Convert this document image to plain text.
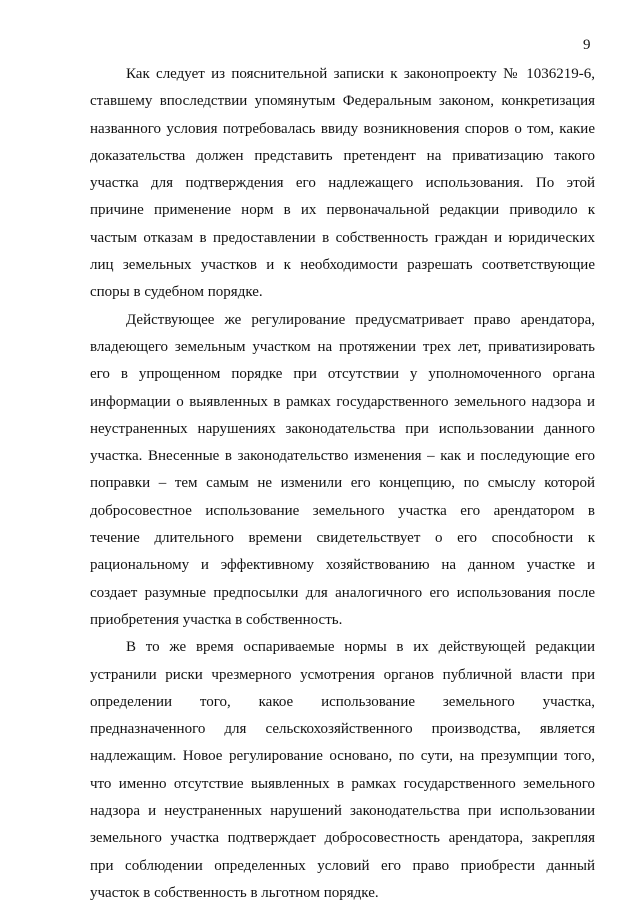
9
Как следует из пояснительной записки к законопроекту № 1036219-6,
ставшему впоследствии упомянутым Федеральным законом, конкретизация
названного условия потребовалась ввиду возникновения споров о том, какие
доказательства должен представить претендент на приватизацию такого
участка для подтверждения его надлежащего использования. По этой
причине применение норм в их первоначальной редакции приводило к
частым отказам в предоставлении в собственность граждан и юридических
лиц земельных участков и к необходимости разрешать соответствующие
споры в судебном порядке.
Действующее же регулирование предусматривает право арендатора,
владеющего земельным участком на протяжении трех лет, приватизировать
его в упрощенном порядке при отсутствии у уполномоченного органа
информации о выявленных в рамках государственного земельного надзора и
неустраненных нарушениях законодательства при использовании данного
участка. Внесенные в законодательство изменения – как и последующие его
поправки – тем самым не изменили его концепцию, по смыслу которой
добросовестное использование земельного участка его арендатором в
течение длительного времени свидетельствует о его способности к
рациональному и эффективному хозяйствованию на данном участке и
создает разумные предпосылки для аналогичного его использования после
приобретения участка в собственность.
В то же время оспариваемые нормы в их действующей редакции
устранили риски чрезмерного усмотрения органов публичной власти при
определении того, какое использование земельного участка,
предназначенного для сельскохозяйственного производства, является
надлежащим. Новое регулирование основано, по сути, на презумпции того,
что именно отсутствие выявленных в рамках государственного земельного
надзора и неустраненных нарушений законодательства при использовании
земельного участка подтверждает добросовестность арендатора, закрепляя
при соблюдении определенных условий его право приобрести данный
участок в собственность в льготном порядке.
